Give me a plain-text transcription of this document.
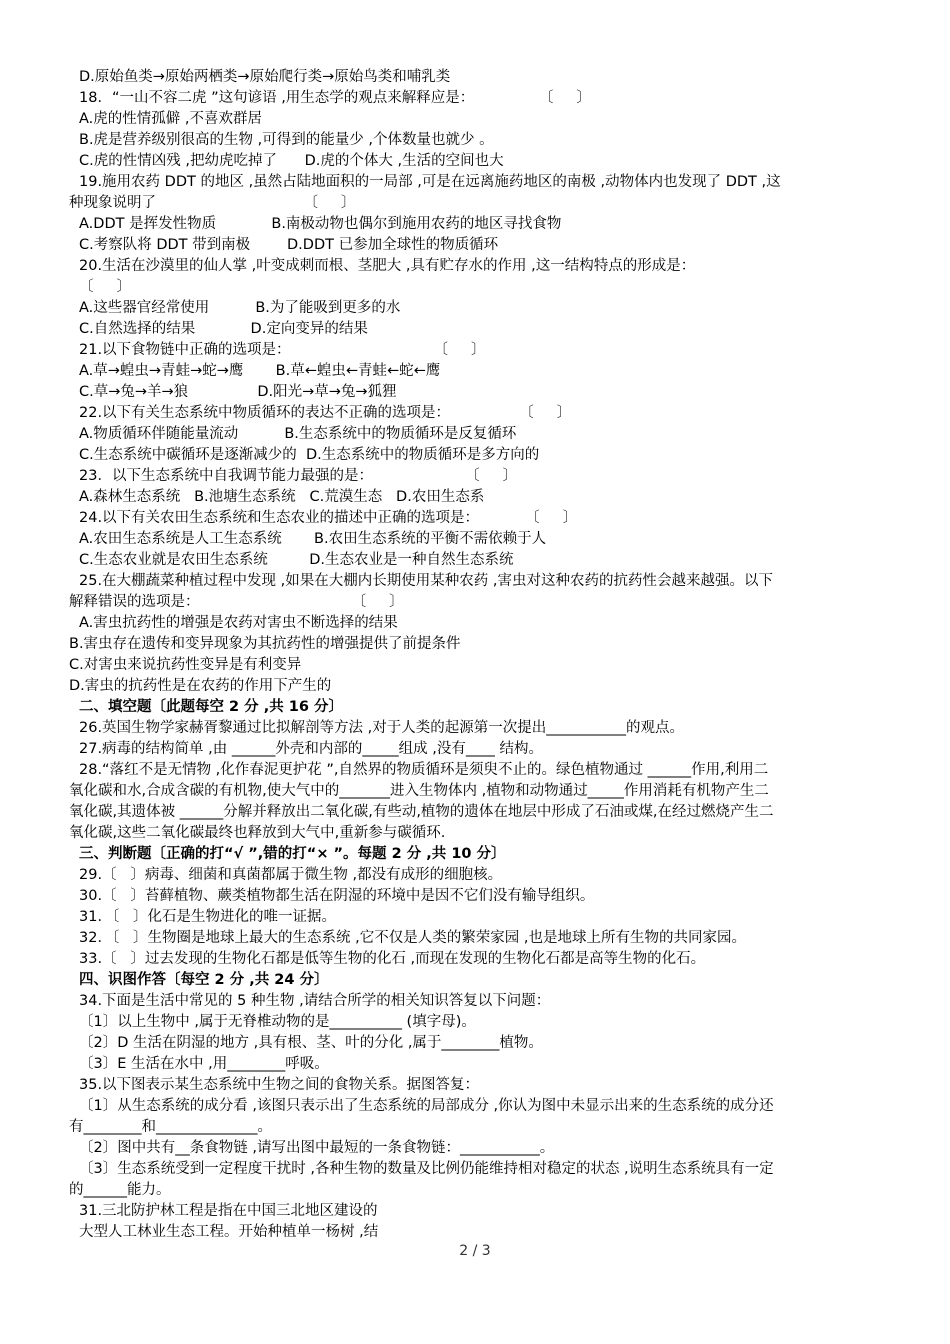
D.原始鱼类→原始两栖类→原始爬行类→原始鸟类和哺乳类
18．“一山不容二虎 ”这句谚语 ,用生态学的观点来解释应是：              〔     〕
A.虎的性情孤僻 ,不喜欢群居
B.虎是营养级别很高的生物 ,可得到的能量少 ,个体数量也就少 。
C.虎的性情凶残 ,把幼虎吃掉了      D.虎的个体大 ,生活的空间也大
19.施用农药 DDT 的地区 ,虽然占陆地面积的一局部 ,可是在远离施药地区的南极 ,动物体内也发现了 DDT ,这
种现象说明了                                〔     〕
A.DDT 是挥发性物质            B.南极动物也偶尔到施用农药的地区寻找食物
C.考察队将 DDT 带到南极        D.DDT 已参加全球性的物质循环
20.生活在沙漠里的仙人掌 ,叶变成刺而根、茎肥大 ,具有贮存水的作用 ,这一结构特点的形成是：
〔     〕
A.这些器官经常使用          B.为了能吸到更多的水
C.自然选择的结果            D.定向变异的结果
21.以下食物链中正确的选项是：                               〔     〕
A.草→蝗虫→青蛙→蛇→鹰       B.草←蝗虫←青蛙←蛇←鹰
C.草→兔→羊→狼               D.阳光→草→兔→狐狸
22.以下有关生态系统中物质循环的表达不正确的选项是：               〔     〕
A.物质循环伴随能量流动          B.生态系统中的物质循环是反复循环
C.生态系统中碳循环是逐渐减少的  D.生态系统中的物质循环是多方向的
23．以下生态系统中自我调节能力最强的是：                    〔     〕
A.森林生态系统   B.池塘生态系统   C.荒漠生态   D.农田生态系
24.以下有关农田生态系统和生态农业的描述中正确的选项是：          〔     〕
A.农田生态系统是人工生态系统       B.农田生态系统的平衡不需依赖于人
C.生态农业就是农田生态系统         D.生态农业是一种自然生态系统
25.在大棚蔬菜种植过程中发现 ,如果在大棚内长期使用某种农药 ,害虫对这种农药的抗药性会越来越强。以下
解释错误的选项是：                                 〔     〕
A.害虫抗药性的增强是农药对害虫不断选择的结果
B.害虫存在遗传和变异现象为其抗药性的增强提供了前提条件
C.对害虫来说抗药性变异是有利变异
D.害虫的抗药性是在农药的作用下产生的
二、填空题〔此题每空 2 分 ,共 16 分〕
26.英国生物学家赫胥黎通过比拟解剖等方法 ,对于人类的起源第一次提出___________的观点。
27.病毒的结构简单 ,由 ______外壳和内部的_____组成 ,没有____ 结构。
28.“落红不是无情物 ,化作春泥更护花 ”,自然界的物质循环是须臾不止的。绿色植物通过 ______作用,利用二
氧化碳和水,合成含碳的有机物,使大气中的_______进入生物体内 ,植物和动物通过_____作用消耗有机物产生二
氧化碳,其遗体被 ______分解并释放出二氧化碳,有些动,植物的遗体在地层中形成了石油或煤,在经过燃烧产生二
氧化碳,这些二氧化碳最终也释放到大气中,重新参与碳循环.
三、判断题〔正确的打“√ ”,错的打“× ”。每题 2 分 ,共 10 分〕
29.〔   〕病毒、细菌和真菌都属于微生物 ,都没有成形的细胞核。
30.〔   〕苔藓植物、蕨类植物都生活在阴湿的环境中是因不它们没有输导组织。
31．〔   〕化石是生物进化的唯一证据。
32．〔   〕生物圈是地球上最大的生态系统 ,它不仅是人类的繁荣家园 ,也是地球上所有生物的共同家园。
33.〔   〕过去发现的生物化石都是低等生物的化石 ,而现在发现的生物化石都是高等生物的化石。
四、识图作答〔每空 2 分 ,共 24 分〕
34.下面是生活中常见的 5 种生物 ,请结合所学的相关知识答复以下问题：
〔1〕以上生物中 ,属于无脊椎动物的是__________ (填字母)。
〔2〕D 生活在阴湿的地方 ,具有根、茎、叶的分化 ,属于________植物。
〔3〕E 生活在水中 ,用________呼吸。
35.以下图表示某生态系统中生物之间的食物关系。据图答复：
〔1〕从生态系统的成分看 ,该图只表示出了生态系统的局部成分 ,你认为图中未显示出来的生态系统的成分还
有________和______________。
〔2〕图中共有__条食物链 ,请写出图中最短的一条食物链：___________。
〔3〕生态系统受到一定程度干扰时 ,各种生物的数量及比例仍能维持相对稳定的状态 ,说明生态系统具有一定
的______能力。
31.三北防护林工程是指在中国三北地区建设的
大型人工林业生态工程。开始种植单一杨树 ,结
2 / 3
